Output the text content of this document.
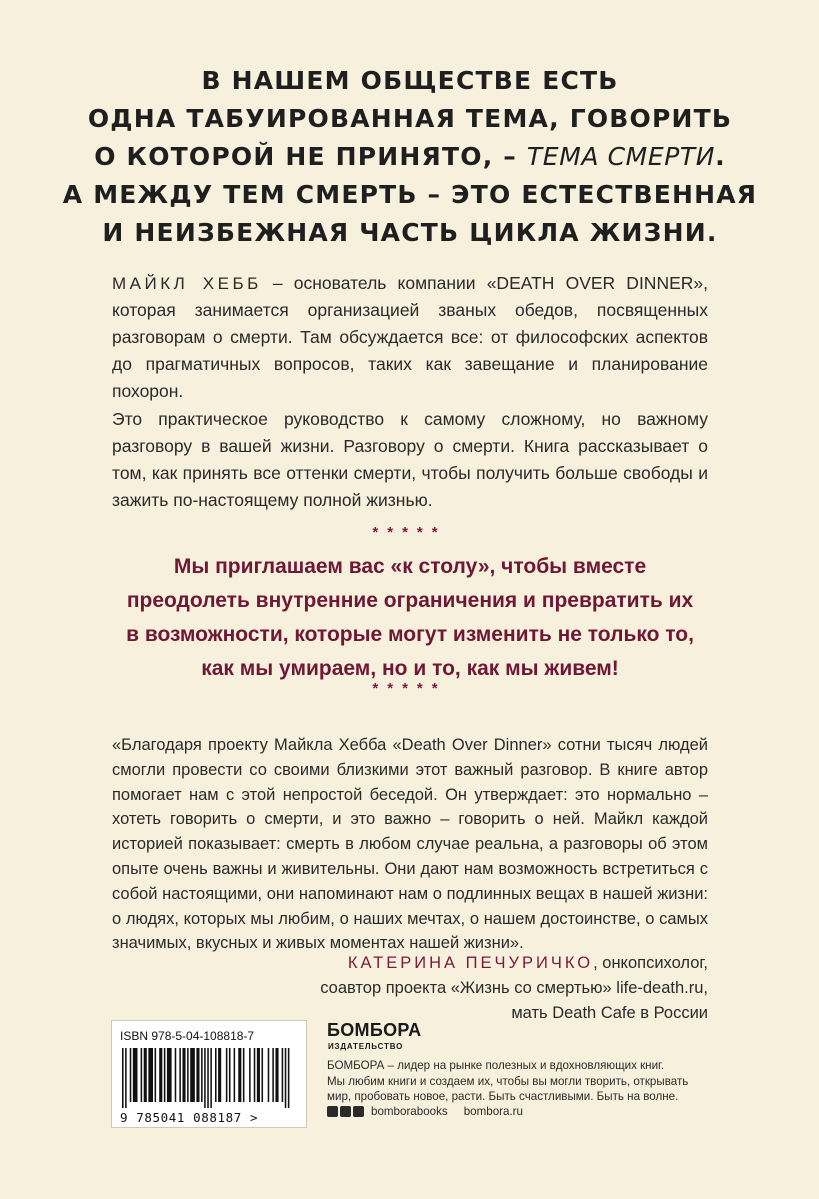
В НАШЕМ ОБЩЕСТВЕ ЕСТЬ
ОДНА ТАБУИРОВАННАЯ ТЕМА, ГОВОРИТЬ
О КОТОРОЙ НЕ ПРИНЯТО, – ТЕМА СМЕРТИ.
А МЕЖДУ ТЕМ СМЕРТЬ – ЭТО ЕСТЕСТВЕННАЯ
И НЕИЗБЕЖНАЯ ЧАСТЬ ЦИКЛА ЖИЗНИ.

МАЙКЛ ХЕББ – основатель компании «DEATH OVER DINNER», которая занимается организацией званых обедов, посвященных разговорам о смерти. Там обсуждается все: от философских аспектов до прагматичных вопросов, таких как завещание и планирование похорон.

Это практическое руководство к самому сложному, но важному разговору в вашей жизни. Разговору о смерти. Книга рассказывает о том, как принять все оттенки смерти, чтобы получить больше свободы и зажить по-настоящему полной жизнью.

*****

Мы приглашаем вас «к столу», чтобы вместе
преодолеть внутренние ограничения и превратить их
в возможности, которые могут изменить не только то,
как мы умираем, но и то, как мы живем!

*****

«Благодаря проекту Майкла Хебба «Death Over Dinner» сотни тысяч людей смогли провести со своими близкими этот важный разговор. В книге автор помогает нам с этой непростой беседой. Он утверждает: это нормально – хотеть говорить о смерти, и это важно – говорить о ней. Майкл каждой историей показывает: смерть в любом случае реальна, а разговоры об этом опыте очень важны и живительны. Они дают нам возможность встретиться с собой настоящими, они напоминают нам о подлинных вещах в нашей жизни: о людях, которых мы любим, о наших мечтах, о нашем достоинстве, о самых значимых, вкусных и живых моментах нашей жизни».

КАТЕРИНА ПЕЧУРИЧКО, онкопсихолог,
соавтор проекта «Жизнь со смертью» life-death.ru,
мать Death Cafe в России

ISBN 978-5-04-108818-7
9 785041 088187 >
БОМБОРА
ИЗДАТЕЛЬСТВО

БОМБОРА – лидер на рынке полезных и вдохновляющих книг.
Мы любим книги и создаем их, чтобы вы могли творить, открывать
мир, пробовать новое, расти. Быть счастливыми. Быть на волне.

bomborabooks bombora.ru
